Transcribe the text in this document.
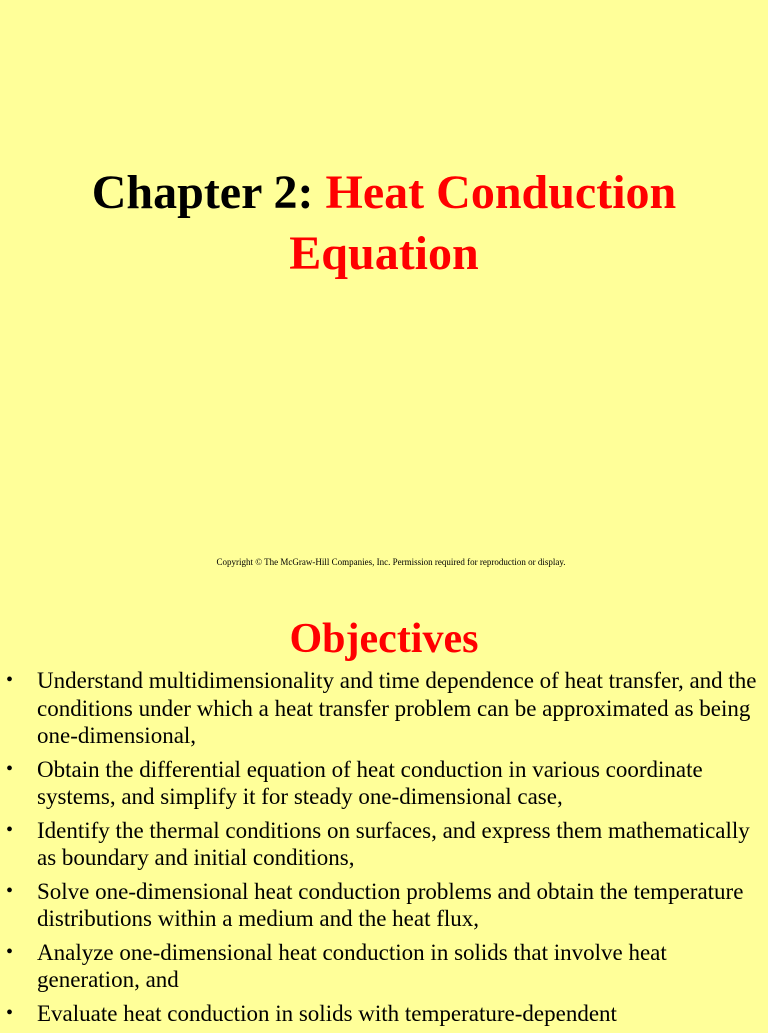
Chapter 2: Heat Conduction Equation
Copyright © The McGraw-Hill Companies, Inc. Permission required for reproduction or display.
Objectives
• Understand multidimensionality and time dependence of heat transfer, and the conditions under which a heat transfer problem can be approximated as being one-dimensional,
• Obtain the differential equation of heat conduction in various coordinate systems, and simplify it for steady one-dimensional case,
• Identify the thermal conditions on surfaces, and express them mathematically as boundary and initial conditions,
• Solve one-dimensional heat conduction problems and obtain the temperature distributions within a medium and the heat flux,
• Analyze one-dimensional heat conduction in solids that involve heat generation, and
• Evaluate heat conduction in solids with temperature-dependent
